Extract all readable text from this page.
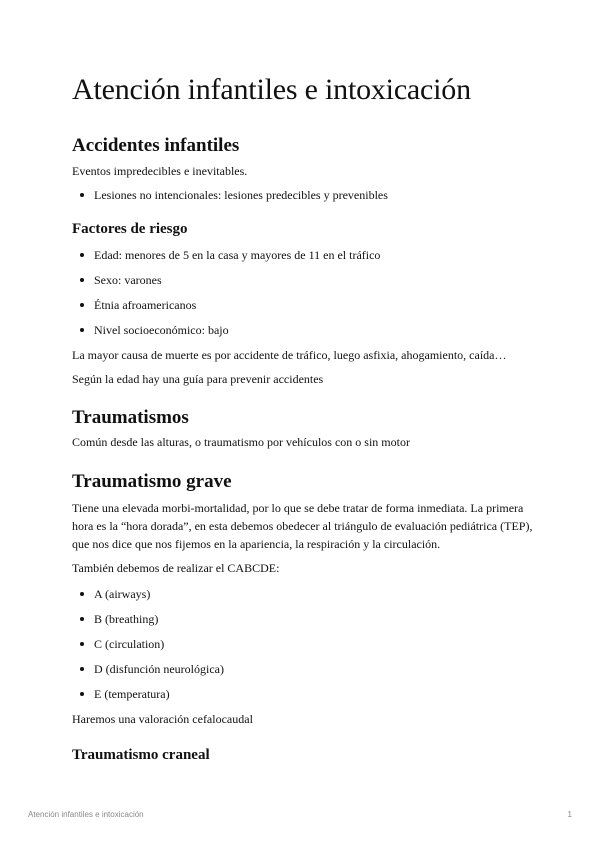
Atención infantiles e intoxicación
Accidentes infantiles

Eventos impredecibles e inevitables.

Lesiones no intencionales: lesiones predecibles y prevenibles
Factores de riesgo
Edad: menores de 5 en la casa y mayores de 11 en el tráfico
Sexo: varones
Étnia afroamericanos
Nivel socioeconómico: bajo

La mayor causa de muerte es por accidente de tráfico, luego asfixia, ahogamiento, caída…

Según la edad hay una guía para prevenir accidentes

Traumatismos

Común desde las alturas, o traumatismo por vehículos con o sin motor

Traumatismo grave

Tiene una elevada morbi-mortalidad, por lo que se debe tratar de forma inmediata. La primera hora es la “hora dorada”, en esta debemos obedecer al triángulo de evaluación pediátrica (TEP), que nos dice que nos fijemos en la apariencia, la respiración y la circulación.

También debemos de realizar el CABCDE:

A (airways)
B (breathing)
C (circulation)
D (disfunción neurológica)
E (temperatura)

Haremos una valoración cefalocaudal

Traumatismo craneal
Atención infantiles e intoxicación	1
